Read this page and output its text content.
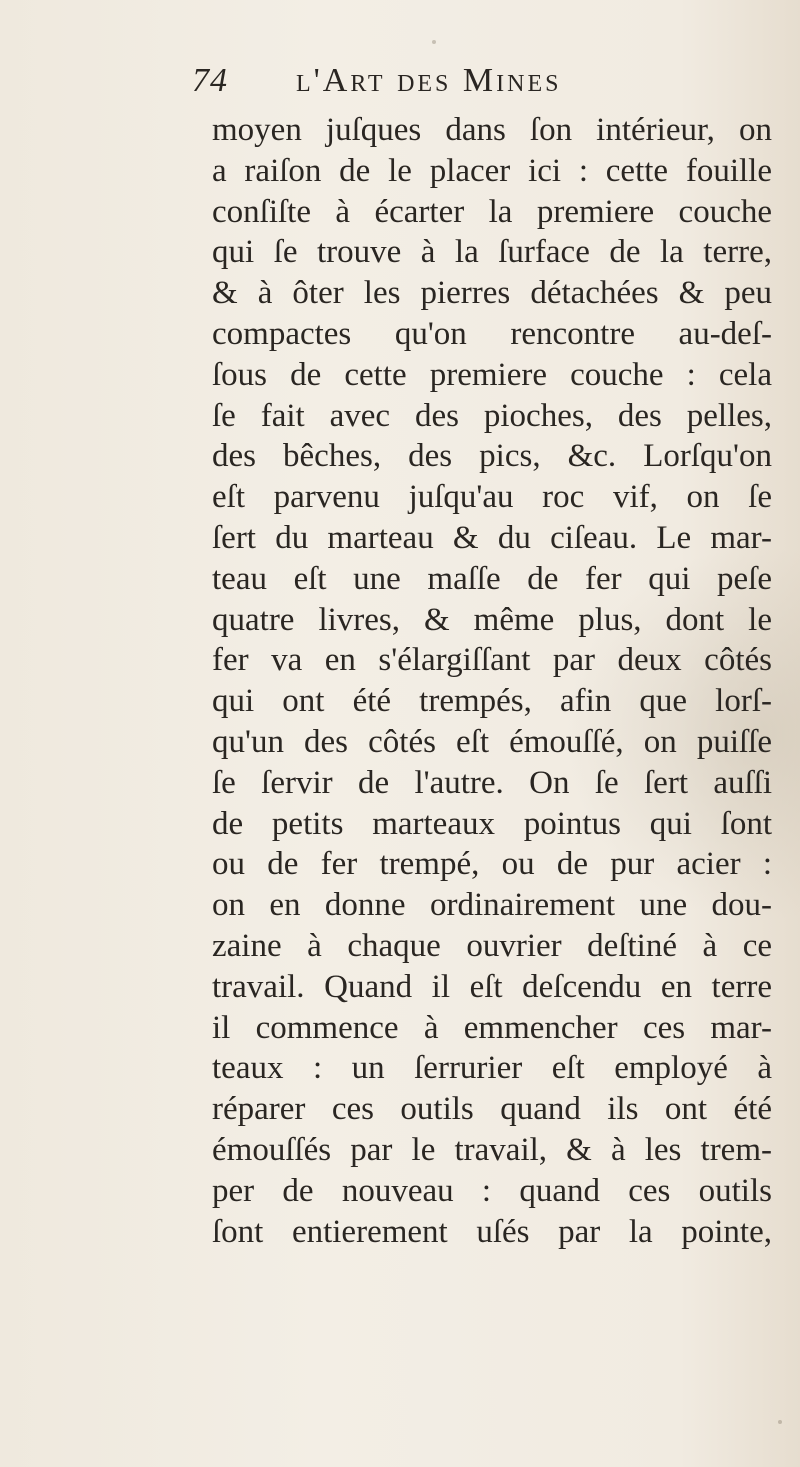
74 l'Art des Mines
moyen juſques dans ſon intérieur, on
a raiſon de le placer ici : cette fouille
conſiſte à écarter la premiere couche
qui ſe trouve à la ſurface de la terre,
& à ôter les pierres détachées & peu
compactes qu'on rencontre au-deſ-
ſous de cette premiere couche : cela
ſe fait avec des pioches, des pelles,
des bêches, des pics, &c. Lorſqu'on
eſt parvenu juſqu'au roc vif, on ſe
ſert du marteau & du ciſeau. Le mar-
teau eſt une maſſe de fer qui peſe
quatre livres, & même plus, dont le
fer va en s'élargiſſant par deux côtés
qui ont été trempés, afin que lorſ-
qu'un des côtés eſt émouſſé, on puiſſe
ſe ſervir de l'autre. On ſe ſert auſſi
de petits marteaux pointus qui ſont
ou de fer trempé, ou de pur acier :
on en donne ordinairement une dou-
zaine à chaque ouvrier deſtiné à ce
travail. Quand il eſt deſcendu en terre
il commence à emmencher ces mar-
teaux : un ſerrurier eſt employé à
réparer ces outils quand ils ont été
émouſſés par le travail, & à les trem-
per de nouveau : quand ces outils
ſont entierement uſés par la pointe,
